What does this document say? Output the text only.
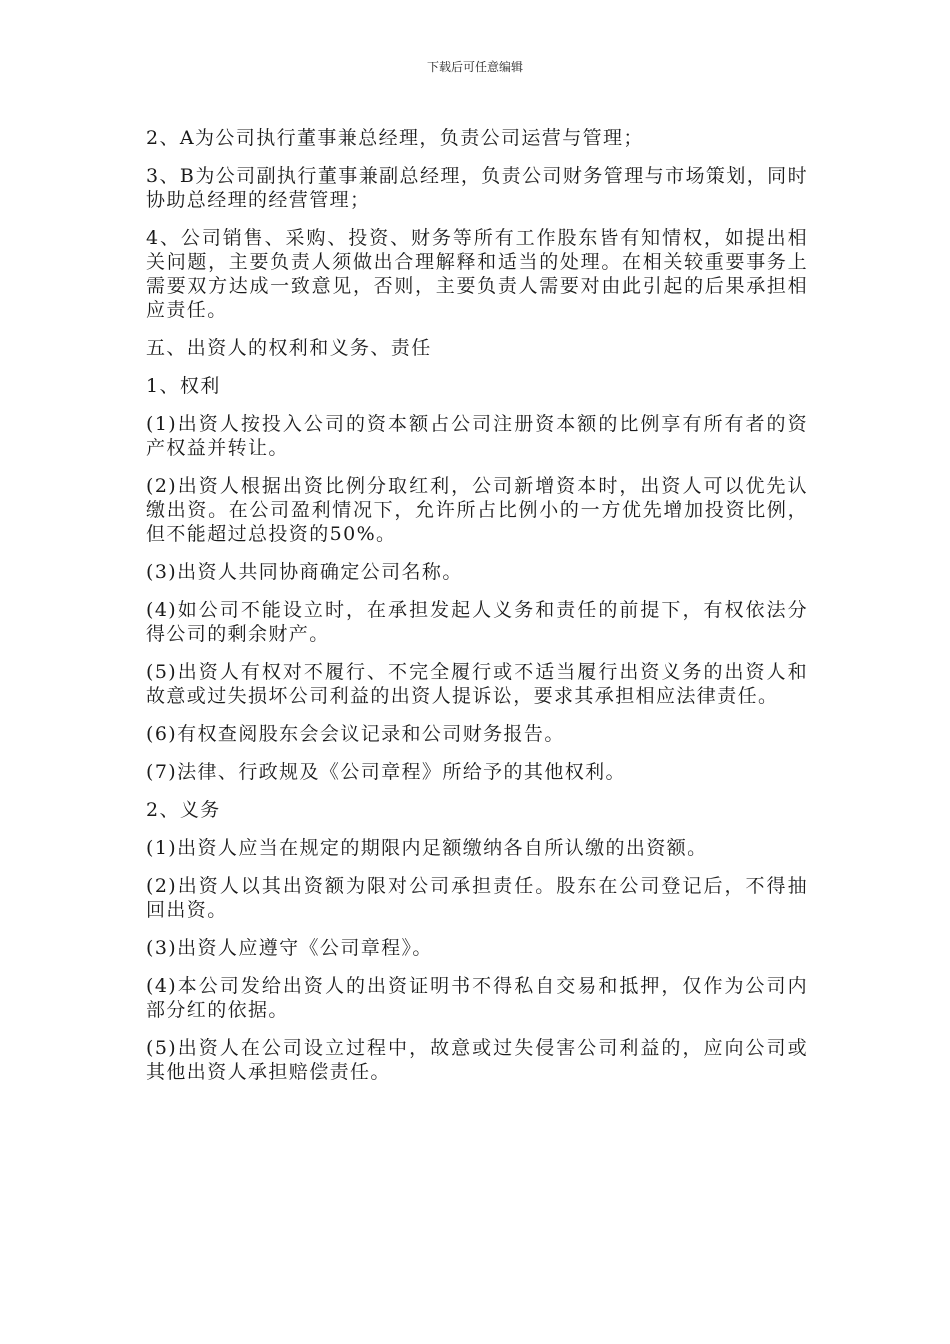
下载后可任意编辑

2、A为公司执行董事兼总经理，负责公司运营与管理；

3、B为公司副执行董事兼副总经理，负责公司财务管理与市场策划，同时协助总经理的经营管理；

4、公司销售、采购、投资、财务等所有工作股东皆有知情权，如提出相关问题，主要负责人须做出合理解释和适当的处理。在相关较重要事务上需要双方达成一致意见，否则，主要负责人需要对由此引起的后果承担相应责任。

五、出资人的权利和义务、责任

1、权利

(1)出资人按投入公司的资本额占公司注册资本额的比例享有所有者的资产权益并转让。

(2)出资人根据出资比例分取红利，公司新增资本时，出资人可以优先认缴出资。在公司盈利情况下，允许所占比例小的一方优先增加投资比例，但不能超过总投资的50%。

(3)出资人共同协商确定公司名称。

(4)如公司不能设立时，在承担发起人义务和责任的前提下，有权依法分得公司的剩余财产。

(5)出资人有权对不履行、不完全履行或不适当履行出资义务的出资人和故意或过失损坏公司利益的出资人提诉讼，要求其承担相应法律责任。

(6)有权查阅股东会会议记录和公司财务报告。

(7)法律、行政规及《公司章程》所给予的其他权利。

2、义务

(1)出资人应当在规定的期限内足额缴纳各自所认缴的出资额。

(2)出资人以其出资额为限对公司承担责任。股东在公司登记后，不得抽回出资。

(3)出资人应遵守《公司章程》。

(4)本公司发给出资人的出资证明书不得私自交易和抵押，仅作为公司内部分红的依据。

(5)出资人在公司设立过程中，故意或过失侵害公司利益的，应向公司或其他出资人承担赔偿责任。
